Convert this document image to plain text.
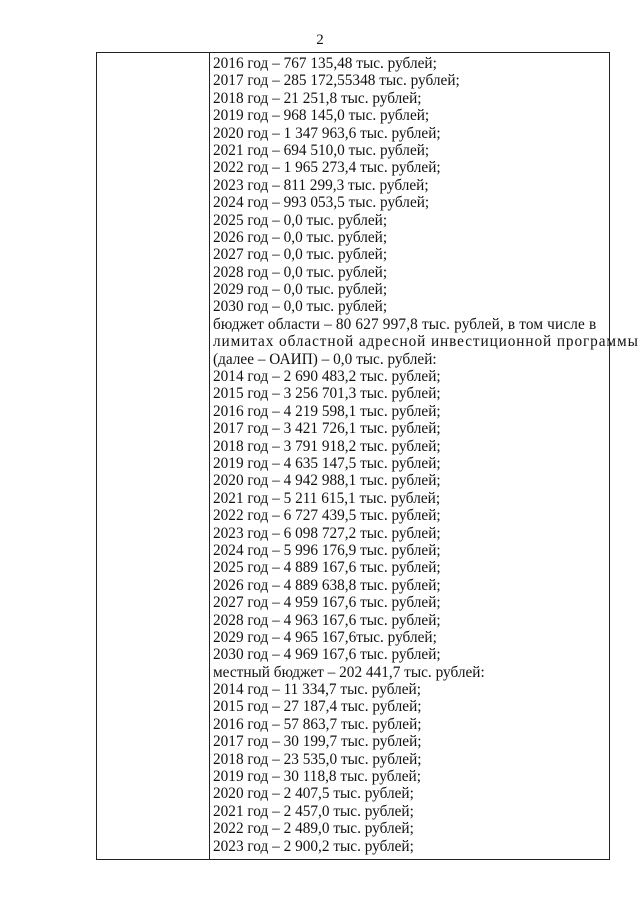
2
2016 год – 767 135,48 тыс. рублей;
2017 год – 285 172,55348 тыс. рублей;
2018 год – 21 251,8 тыс. рублей;
2019 год – 968 145,0 тыс. рублей;
2020 год – 1 347 963,6 тыс. рублей;
2021 год – 694 510,0 тыс. рублей;
2022 год – 1 965 273,4 тыс. рублей;
2023 год – 811 299,3 тыс. рублей;
2024 год – 993 053,5 тыс. рублей;
2025 год – 0,0 тыс. рублей;
2026 год – 0,0 тыс. рублей;
2027 год – 0,0 тыс. рублей;
2028 год – 0,0 тыс. рублей;
2029 год – 0,0 тыс. рублей;
2030 год – 0,0 тыс. рублей;
бюджет области – 80 627 997,8 тыс. рублей, в том числе в
лимитах областной адресной инвестиционной программы
(далее – ОАИП) – 0,0 тыс. рублей:
2014 год – 2 690 483,2 тыс. рублей;
2015 год – 3 256 701,3 тыс. рублей;
2016 год – 4 219 598,1 тыс. рублей;
2017 год – 3 421 726,1 тыс. рублей;
2018 год – 3 791 918,2 тыс. рублей;
2019 год – 4 635 147,5 тыс. рублей;
2020 год – 4 942 988,1 тыс. рублей;
2021 год – 5 211 615,1 тыс. рублей;
2022 год – 6 727 439,5 тыс. рублей;
2023 год – 6 098 727,2 тыс. рублей;
2024 год – 5 996 176,9 тыс. рублей;
2025 год – 4 889 167,6 тыс. рублей;
2026 год – 4 889 638,8 тыс. рублей;
2027 год – 4 959 167,6 тыс. рублей;
2028 год – 4 963 167,6 тыс. рублей;
2029 год – 4 965 167,6тыс. рублей;
2030 год – 4 969 167,6 тыс. рублей;
местный бюджет – 202 441,7 тыс. рублей:
2014 год – 11 334,7 тыс. рублей;
2015 год – 27 187,4 тыс. рублей;
2016 год – 57 863,7 тыс. рублей;
2017 год – 30 199,7 тыс. рублей;
2018 год – 23 535,0 тыс. рублей;
2019 год – 30 118,8 тыс. рублей;
2020 год – 2 407,5 тыс. рублей;
2021 год – 2 457,0 тыс. рублей;
2022 год – 2 489,0 тыс. рублей;
2023 год – 2 900,2 тыс. рублей;
